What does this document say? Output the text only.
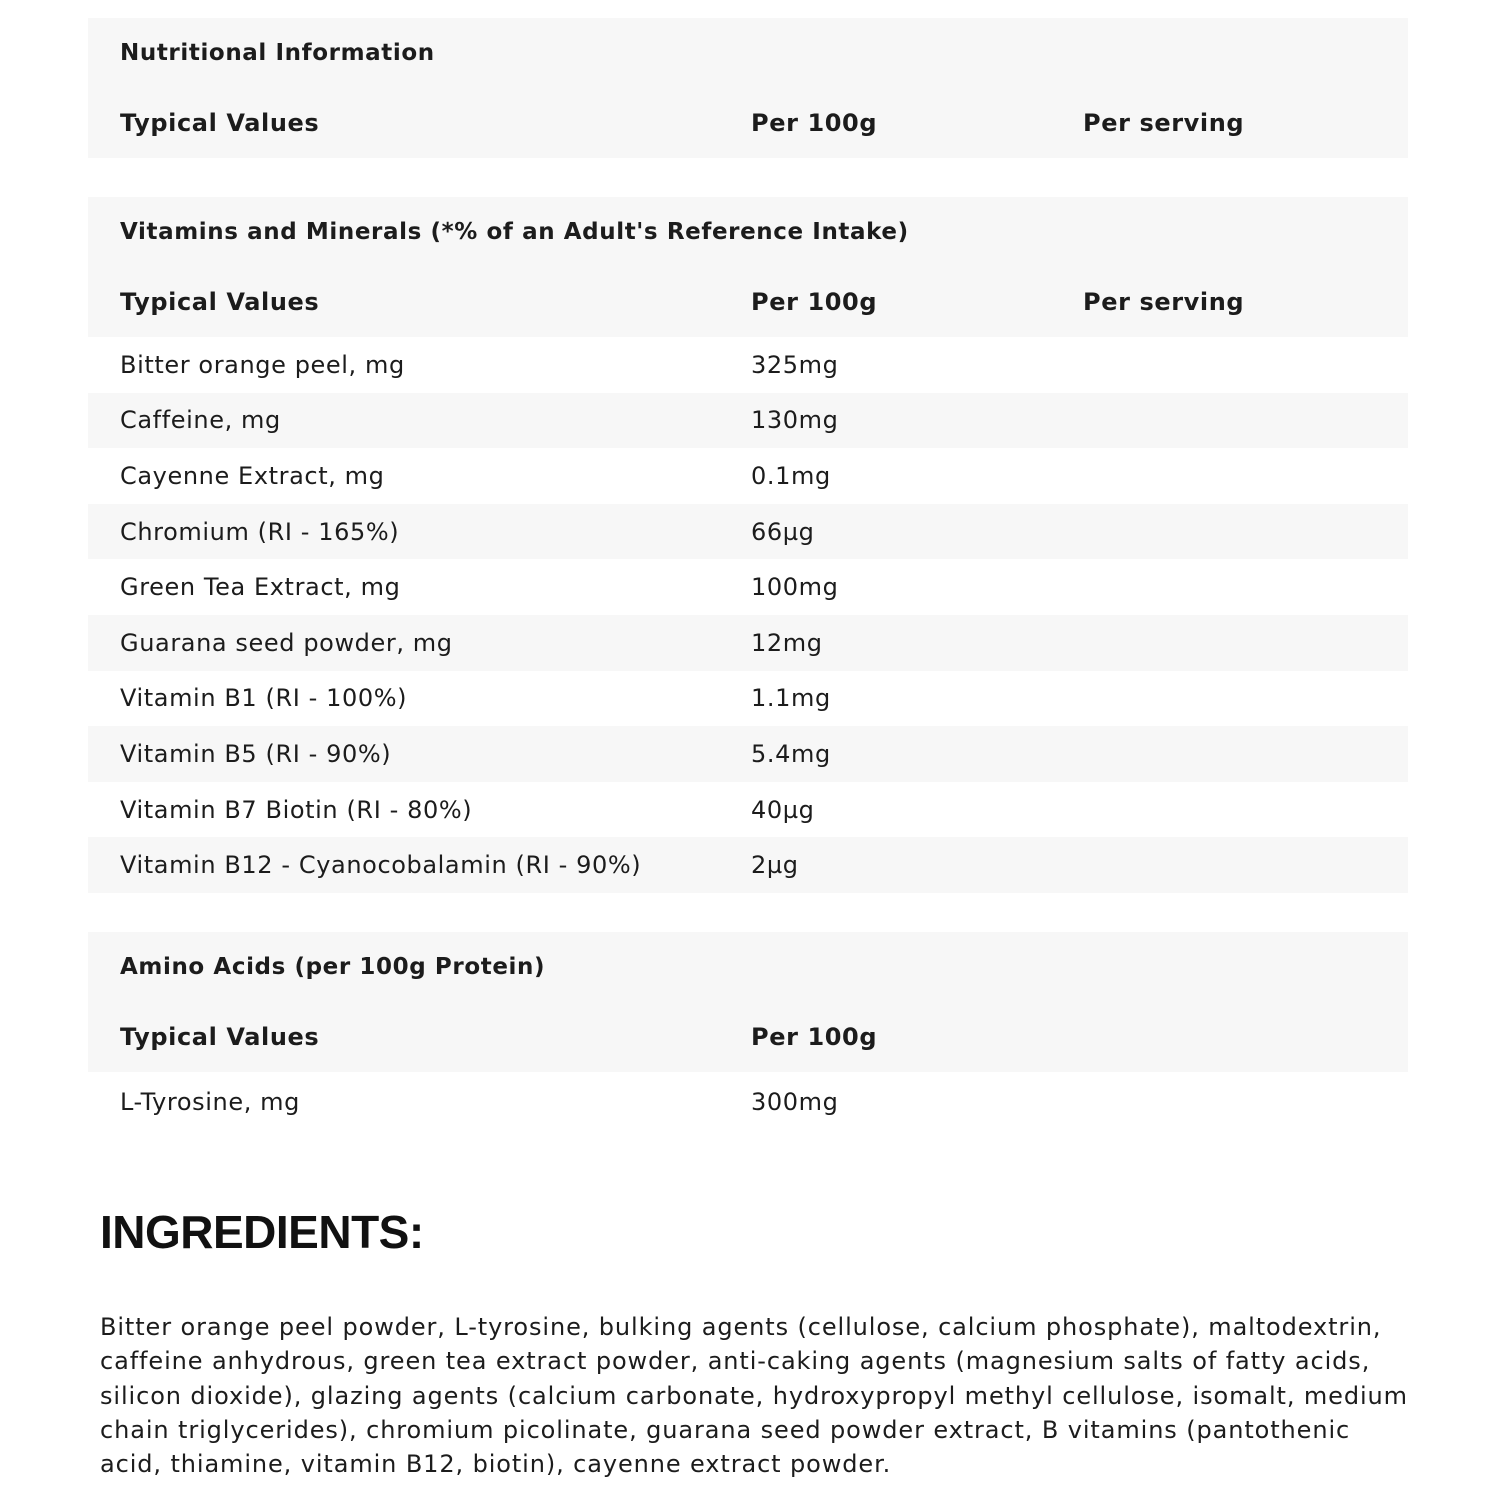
Nutritional Information
Typical Values	Per 100g	Per serving
Vitamins and Minerals (*% of an Adult's Reference Intake)
Typical Values	Per 100g	Per serving
Bitter orange peel, mg	325mg
Caffeine, mg	130mg
Cayenne Extract, mg	0.1mg
Chromium (RI - 165%)	66µg
Green Tea Extract, mg	100mg
Guarana seed powder, mg	12mg
Vitamin B1 (RI - 100%)	1.1mg
Vitamin B5 (RI - 90%)	5.4mg
Vitamin B7 Biotin (RI - 80%)	40µg
Vitamin B12 - Cyanocobalamin (RI - 90%)	2µg
Amino Acids (per 100g Protein)
Typical Values	Per 100g
L-Tyrosine, mg	300mg
INGREDIENTS:

Bitter orange peel powder, L-tyrosine, bulking agents (cellulose, calcium phosphate), maltodextrin, caffeine anhydrous, green tea extract powder, anti-caking agents (magnesium salts of fatty acids, silicon dioxide), glazing agents (calcium carbonate, hydroxypropyl methyl cellulose, isomalt, medium chain triglycerides), chromium picolinate, guarana seed powder extract, B vitamins (pantothenic acid, thiamine, vitamin B12, biotin), cayenne extract powder.
